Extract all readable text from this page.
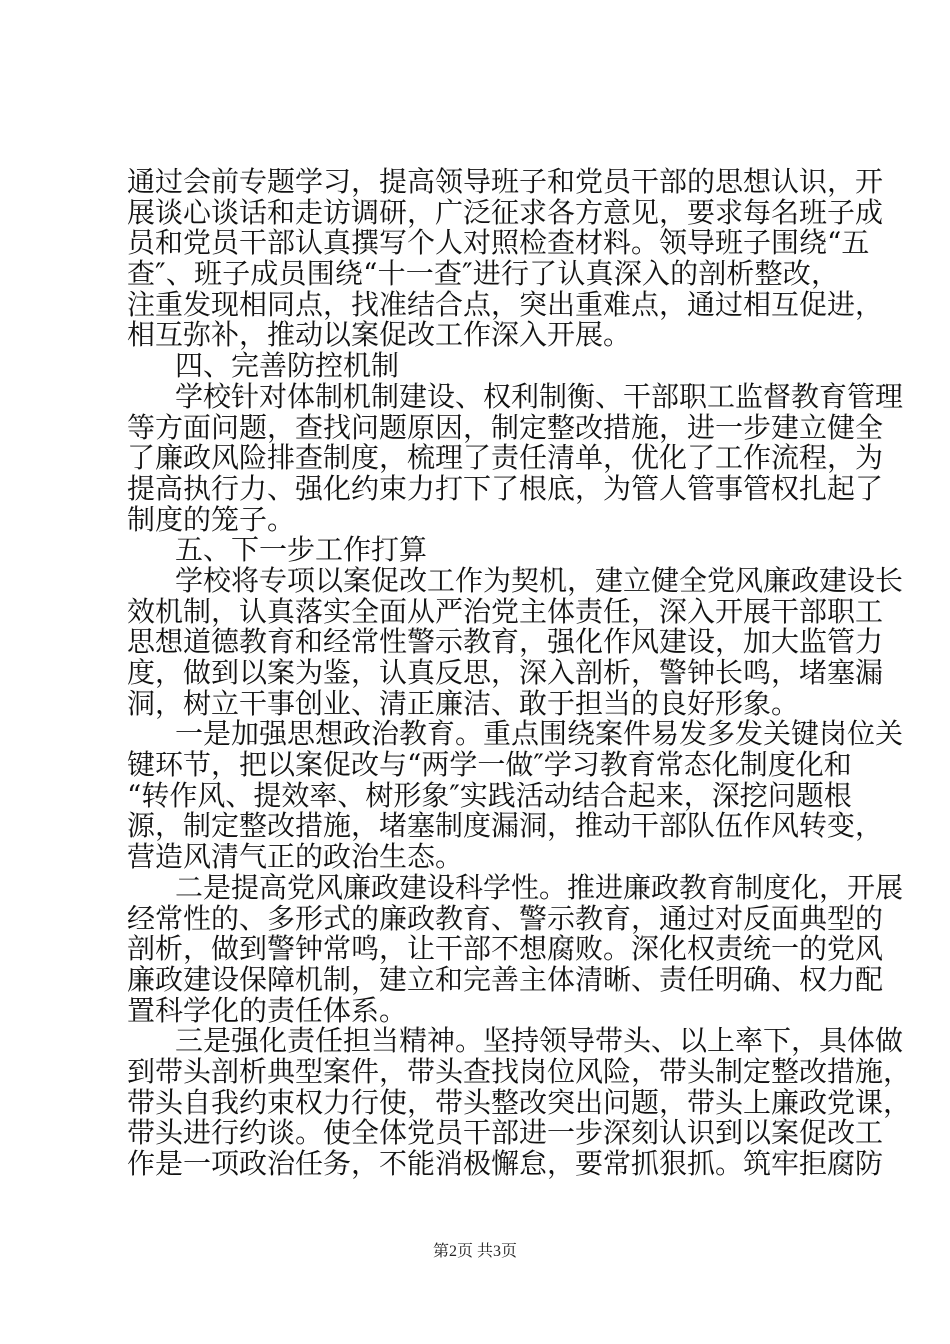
通过会前专题学习，提高领导班子和党员干部的思想认识，开
展谈心谈话和走访调研，广泛征求各方意见，要求每名班子成
员和党员干部认真撰写个人对照检查材料。领导班子围绕“五
查″、班子成员围绕“十一查″进行了认真深入的剖析整改，
注重发现相同点，找准结合点，突出重难点，通过相互促进，
相互弥补，推动以案促改工作深入开展。
四、完善防控机制
学校针对体制机制建设、权利制衡、干部职工监督教育管理
等方面问题，查找问题原因，制定整改措施，进一步建立健全
了廉政风险排查制度，梳理了责任清单，优化了工作流程，为
提高执行力、强化约束力打下了根底，为管人管事管权扎起了
制度的笼子。
五、下一步工作打算
学校将专项以案促改工作为契机，建立健全党风廉政建设长
效机制，认真落实全面从严治党主体责任，深入开展干部职工
思想道德教育和经常性警示教育，强化作风建设，加大监管力
度，做到以案为鉴，认真反思，深入剖析，警钟长鸣，堵塞漏
洞，树立干事创业、清正廉洁、敢于担当的良好形象。
一是加强思想政治教育。重点围绕案件易发多发关键岗位关
键环节，把以案促改与“两学一做″学习教育常态化制度化和
“转作风、提效率、树形象″实践活动结合起来，深挖问题根
源，制定整改措施，堵塞制度漏洞，推动干部队伍作风转变，
营造风清气正的政治生态。
二是提高党风廉政建设科学性。推进廉政教育制度化，开展
经常性的、多形式的廉政教育、警示教育，通过对反面典型的
剖析，做到警钟常鸣，让干部不想腐败。深化权责统一的党风
廉政建设保障机制，建立和完善主体清晰、责任明确、权力配
置科学化的责任体系。
三是强化责任担当精神。坚持领导带头、以上率下，具体做
到带头剖析典型案件，带头查找岗位风险，带头制定整改措施，
带头自我约束权力行使，带头整改突出问题，带头上廉政党课，
带头进行约谈。使全体党员干部进一步深刻认识到以案促改工
作是一项政治任务，不能消极懈怠，要常抓狠抓。筑牢拒腐防
第2页 共3页
